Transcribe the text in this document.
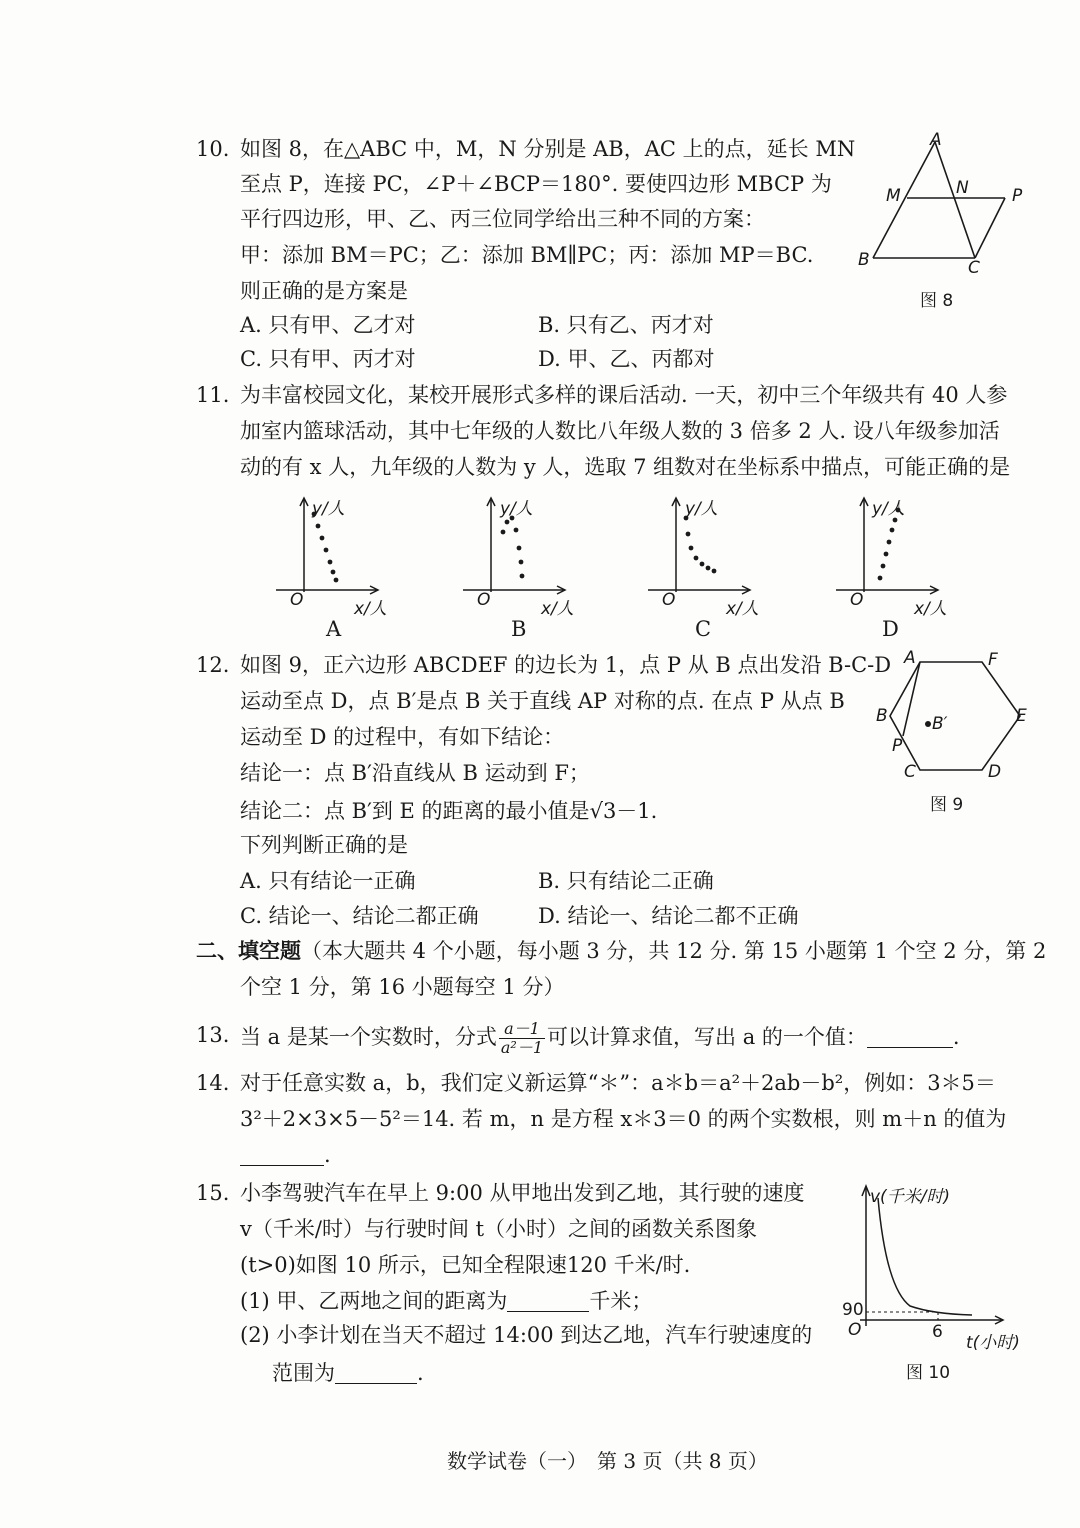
10. 如图 8，在△ABC 中，M，N 分别是 AB，AC 上的点，延长 MN
至点 P，连接 PC，∠P＋∠BCP＝180°. 要使四边形 MBCP 为
平行四边形，甲、乙、丙三位同学给出三种不同的方案：
甲：添加 BM＝PC；乙：添加 BM∥PC；丙：添加 MP＝BC.
则正确的是方案是
A. 只有甲、乙才对	B. 只有乙、丙才对
C. 只有甲、丙才对	D. 甲、乙、丙都对
A
M	N	P
B	C
图 8
11. 为丰富校园文化，某校开展形式多样的课后活动. 一天，初中三个年级共有 40 人参
加室内篮球活动，其中七年级的人数比八年级人数的 3 倍多 2 人. 设八年级参加活
动的有 x 人，九年级的人数为 y 人，选取 7 组数对在坐标系中描点，可能正确的是
y/人
O	x/人
A
y/人
O	x/人
B
y/人
O	x/人
C
y/人
O	x/人
D
12. 如图 9，正六边形 ABCDEF 的边长为 1，点 P 从 B 点出发沿 B-C-D
运动至点 D，点 B′是点 B 关于直线 AP 对称的点. 在点 P 从点 B
运动至 D 的过程中，有如下结论：
结论一：点 B′沿直线从 B 运动到 F；
结论二：点 B′到 E 的距离的最小值是√3－1.
下列判断正确的是
A. 只有结论一正确	B. 只有结论二正确
C. 结论一、结论二都正确	D. 结论一、结论二都不正确
A	F
B	B′	E
P
C	D
图 9
二、填空题（本大题共 4 个小题，每小题 3 分，共 12 分. 第 15 小题第 1 个空 2 分，第 2
个空 1 分，第 16 小题每空 1 分）
13. 当 a 是某一个实数时，分式 $\frac{a-1}{\text{a²－1}}$ 可以计算求值，写出 a 的一个值：	.
14. 对于任意实数 a，b，我们定义新运算“＊”：a＊b＝a²＋2ab－b²，例如：3＊5＝
3²＋2×3×5－5²＝14. 若 m，n 是方程 x＊3＝0 的两个实数根，则 m＋n 的值为
.
15. 小李驾驶汽车在早上 9:00 从甲地出发到乙地，其行驶的速度
v（千米/时）与行驶时间 t（小时）之间的函数关系图象
(t>0)如图 10 所示，已知全程限速120 千米/时.
(1) 甲、乙两地之间的距离为	千米；
(2) 小李计划在当天不超过 14:00 到达乙地，汽车行驶速度的
范围为	.
v(千米/时)
90
O	6
t(小时)
图 10
数学试卷（一）　第 3 页（共 8 页）
